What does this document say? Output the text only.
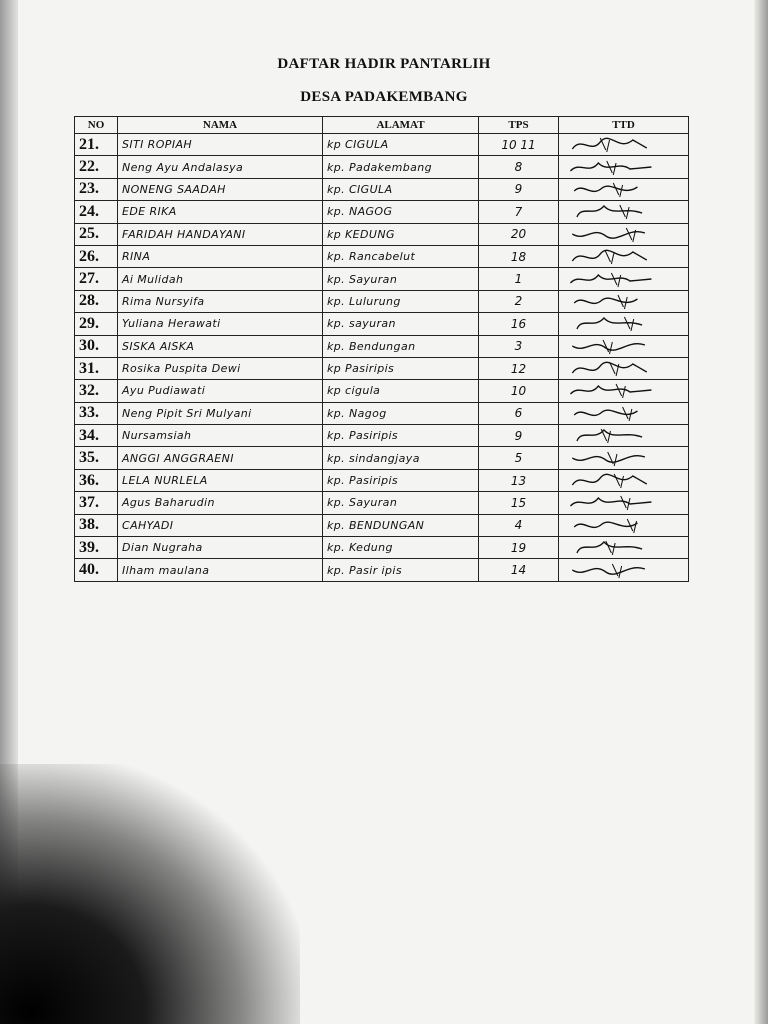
DAFTAR HADIR PANTARLIH
DESA PADAKEMBANG
NO	NAMA	ALAMAT	TPS	TTD
21.	SITI ROPIAH	kp CIGULA	10 11	

22.	Neng Ayu Andalasya	kp. Padakembang	8	

23.	NONENG SAADAH	kp. CIGULA	9	

24.	EDE RIKA	kp. NAGOG	7	

25.	FARIDAH HANDAYANI	kp KEDUNG	20	

26.	RINA	kp. Rancabelut	18	

27.	Ai Mulidah	kp. Sayuran	1	

28.	Rima Nursyifa	kp. Lulurung	2	

29.	Yuliana Herawati	kp. sayuran	16	

30.	SISKA AISKA	kp. Bendungan	3	

31.	Rosika Puspita Dewi	kp Pasiripis	12	

32.	Ayu Pudiawati	kp cigula	10	

33.	Neng Pipit Sri Mulyani	kp. Nagog	6	

34.	Nursamsiah	kp. Pasiripis	9	

35.	ANGGI ANGGRAENI	kp. sindangjaya	5	

36.	LELA NURLELA	kp. Pasiripis	13	

37.	Agus Baharudin	kp. Sayuran	15	

38.	CAHYADI	kp. BENDUNGAN	4	

39.	Dian Nugraha	kp. Kedung	19	

40.	Ilham maulana	kp. Pasir ipis	14	
